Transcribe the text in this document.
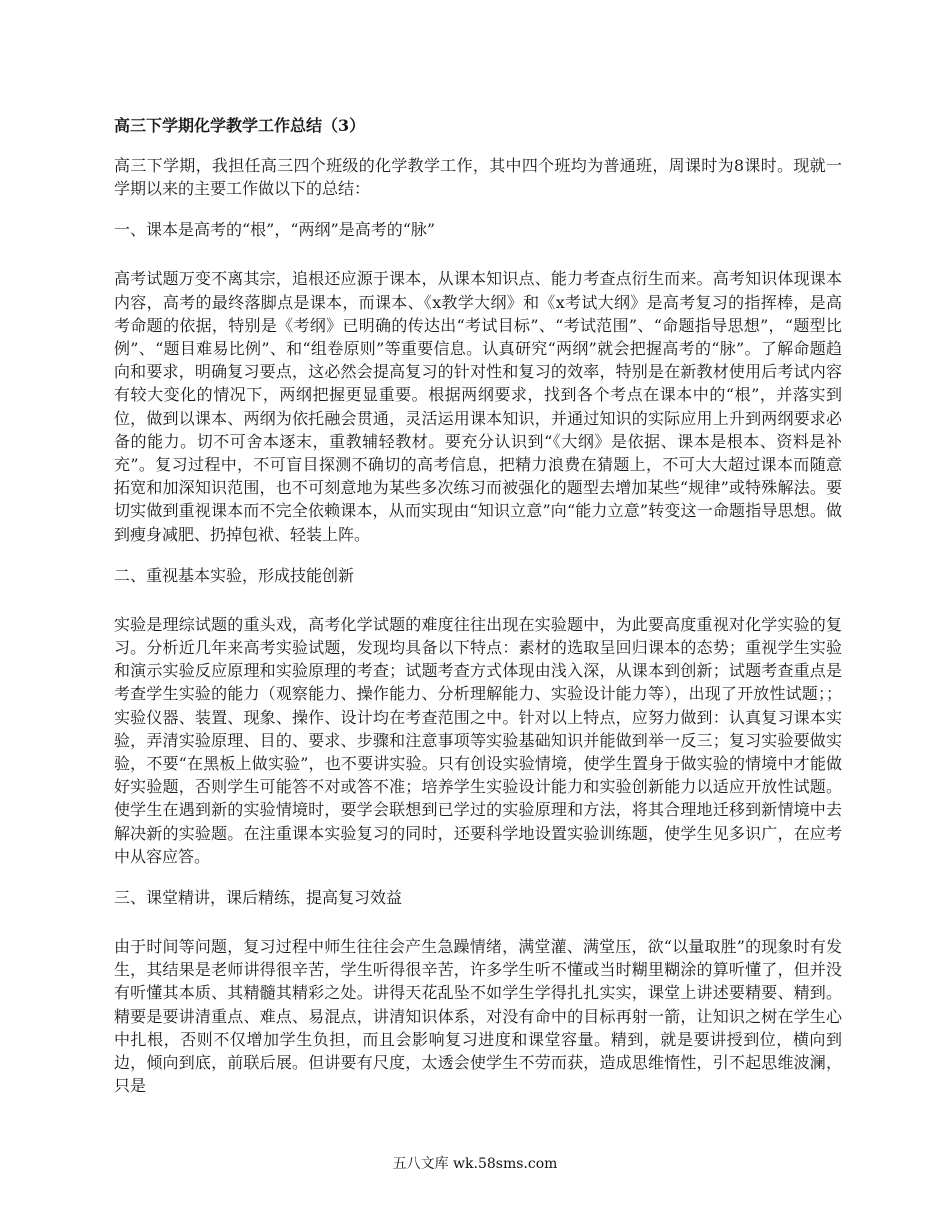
高三下学期化学教学工作总结（3）

高三下学期，我担任高三四个班级的化学教学工作，其中四个班均为普通班，周课时为8课时。现就一学期以来的主要工作做以下的总结：

一、课本是高考的“根”，“两纲”是高考的“脉”

高考试题万变不离其宗，追根还应源于课本，从课本知识点、能力考查点衍生而来。高考知识体现课本内容，高考的最终落脚点是课本，而课本、《x教学大纲》和《x考试大纲》是高考复习的指挥棒，是高考命题的依据，特别是《考纲》已明确的传达出“考试目标”、“考试范围”、“命题指导思想”，“题型比例”、“题目难易比例”、和“组卷原则”等重要信息。认真研究“两纲”就会把握高考的“脉”。了解命题趋向和要求，明确复习要点，这必然会提高复习的针对性和复习的效率，特别是在新教材使用后考试内容有较大变化的情况下，两纲把握更显重要。根据两纲要求，找到各个考点在课本中的“根”，并落实到位，做到以课本、两纲为依托融会贯通，灵活运用课本知识，并通过知识的实际应用上升到两纲要求必备的能力。切不可舍本逐末，重教辅轻教材。要充分认识到“《大纲》是依据、课本是根本、资料是补充”。复习过程中，不可盲目探测不确切的高考信息，把精力浪费在猜题上，不可大大超过课本而随意拓宽和加深知识范围，也不可刻意地为某些多次练习而被强化的题型去增加某些“规律”或特殊解法。要切实做到重视课本而不完全依赖课本，从而实现由“知识立意”向“能力立意”转变这一命题指导思想。做到瘦身减肥、扔掉包袱、轻装上阵。

二、重视基本实验，形成技能创新

实验是理综试题的重头戏，高考化学试题的难度往往出现在实验题中，为此要高度重视对化学实验的复习。分析近几年来高考实验试题，发现均具备以下特点：素材的选取呈回归课本的态势；重视学生实验和演示实验反应原理和实验原理的考查；试题考查方式体现由浅入深，从课本到创新；试题考查重点是考查学生实验的能力（观察能力、操作能力、分析理解能力、实验设计能力等），出现了开放性试题；；实验仪器、装置、现象、操作、设计均在考查范围之中。针对以上特点，应努力做到：认真复习课本实验，弄清实验原理、目的、要求、步骤和注意事项等实验基础知识并能做到举一反三；复习实验要做实验，不要“在黑板上做实验”，也不要讲实验。只有创设实验情境，使学生置身于做实验的情境中才能做好实验题，否则学生可能答不对或答不准；培养学生实验设计能力和实验创新能力以适应开放性试题。使学生在遇到新的实验情境时，要学会联想到已学过的实验原理和方法，将其合理地迁移到新情境中去解决新的实验题。在注重课本实验复习的同时，还要科学地设置实验训练题，使学生见多识广，在应考中从容应答。

三、课堂精讲，课后精练，提高复习效益

由于时间等问题，复习过程中师生往往会产生急躁情绪，满堂灌、满堂压，欲“以量取胜”的现象时有发生，其结果是老师讲得很辛苦，学生听得很辛苦，许多学生听不懂或当时糊里糊涂的算听懂了，但并没有听懂其本质、其精髓其精彩之处。讲得天花乱坠不如学生学得扎扎实实，课堂上讲述要精要、精到。精要是要讲清重点、难点、易混点，讲清知识体系，对没有命中的目标再射一箭，让知识之树在学生心中扎根，否则不仅增加学生负担，而且会影响复习进度和课堂容量。精到，就是要讲授到位，横向到边，倾向到底，前联后展。但讲要有尺度，太透会使学生不劳而获，造成思维惰性，引不起思维波澜，只是

五八文库 wk.58sms.com
